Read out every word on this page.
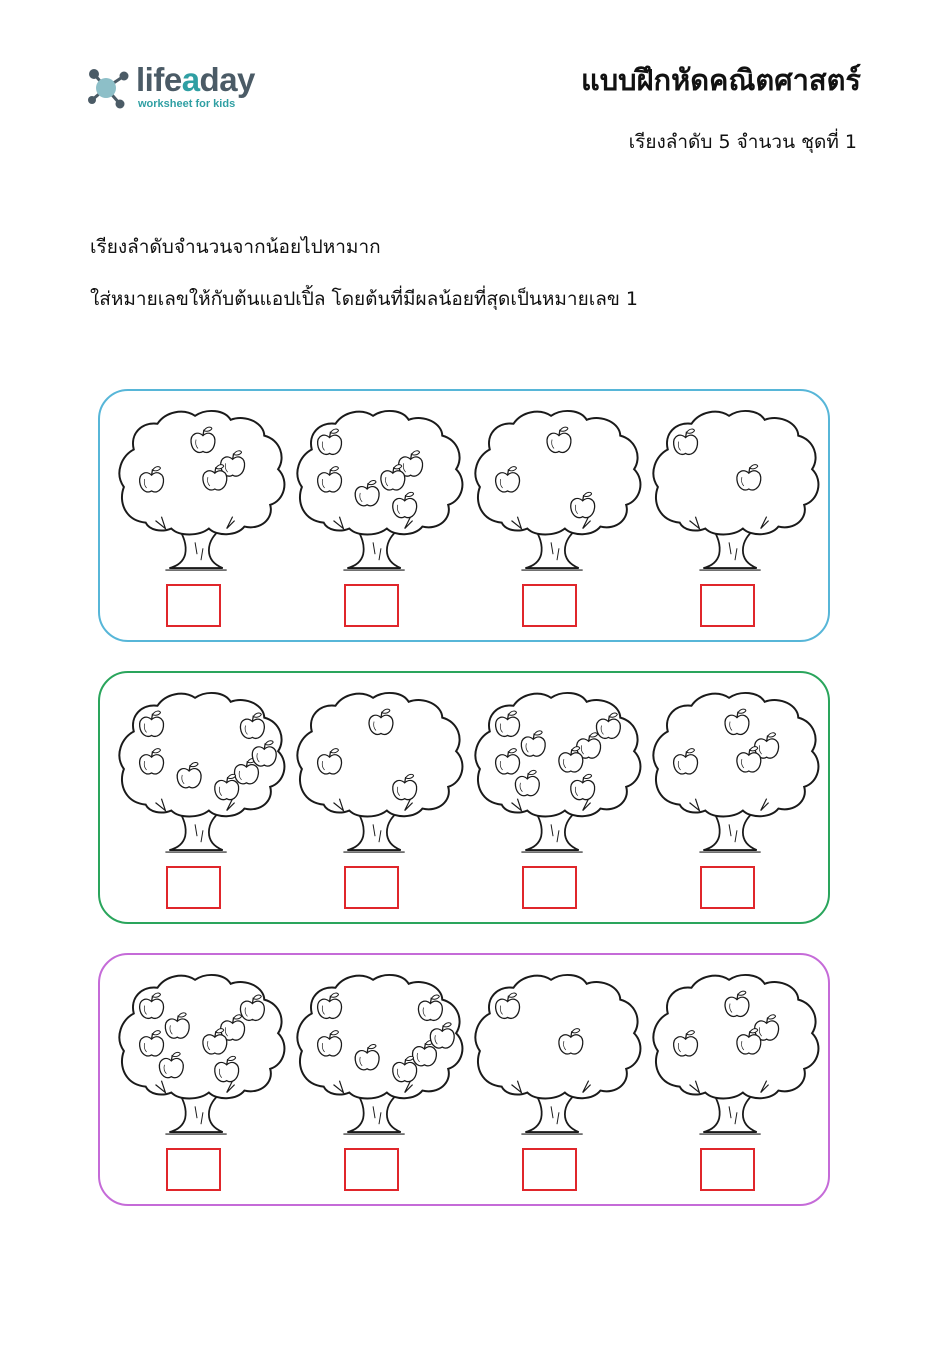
lifeaday
worksheet for kids
แบบฝึกหัดคณิตศาสตร์
เรียงลำดับ 5 จำนวน ชุดที่ 1
เรียงลำดับจำนวนจากน้อยไปหามาก
ใส่หมายเลขให้กับต้นแอปเปิ้ล โดยต้นที่มีผลน้อยที่สุดเป็นหมายเลข 1
